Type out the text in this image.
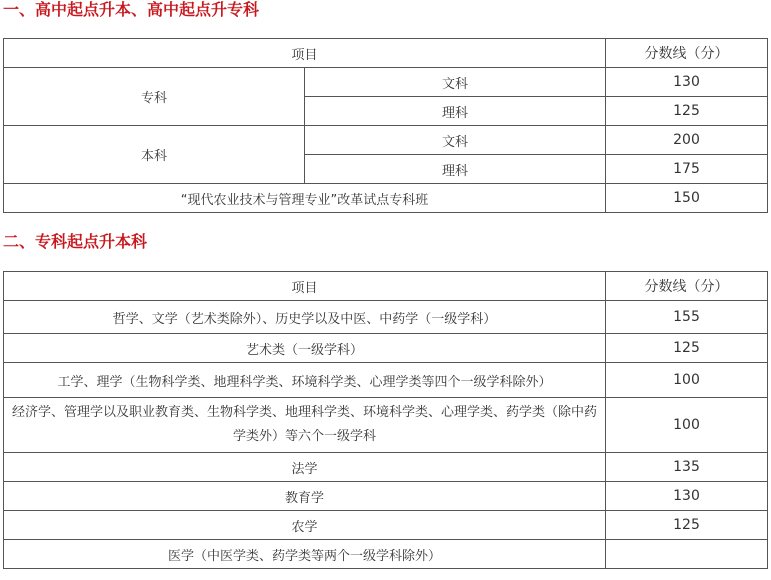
一、高中起点升本、高中起点升专科
项目		分数线（分）
专科	文科	130
	理科	125
本科	文科	200
	理科	175
“现代农业技术与管理专业”改革试点专科班		150
二、专科起点升本科
项目	分数线（分）
哲学、文学（艺术类除外）、历史学以及中医、中药学（一级学科）	155
艺术类（一级学科）	125
工学、理学（生物科学类、地理科学类、环境科学类、心理学类等四个一级学科除外）	100
经济学、管理学以及职业教育类、生物科学类、地理科学类、环境科学类、心理学类、药学类（除中药学类外）等六个一级学科	100
法学	135
教育学	130
农学	125
医学（中医学类、药学类等两个一级学科除外）	
